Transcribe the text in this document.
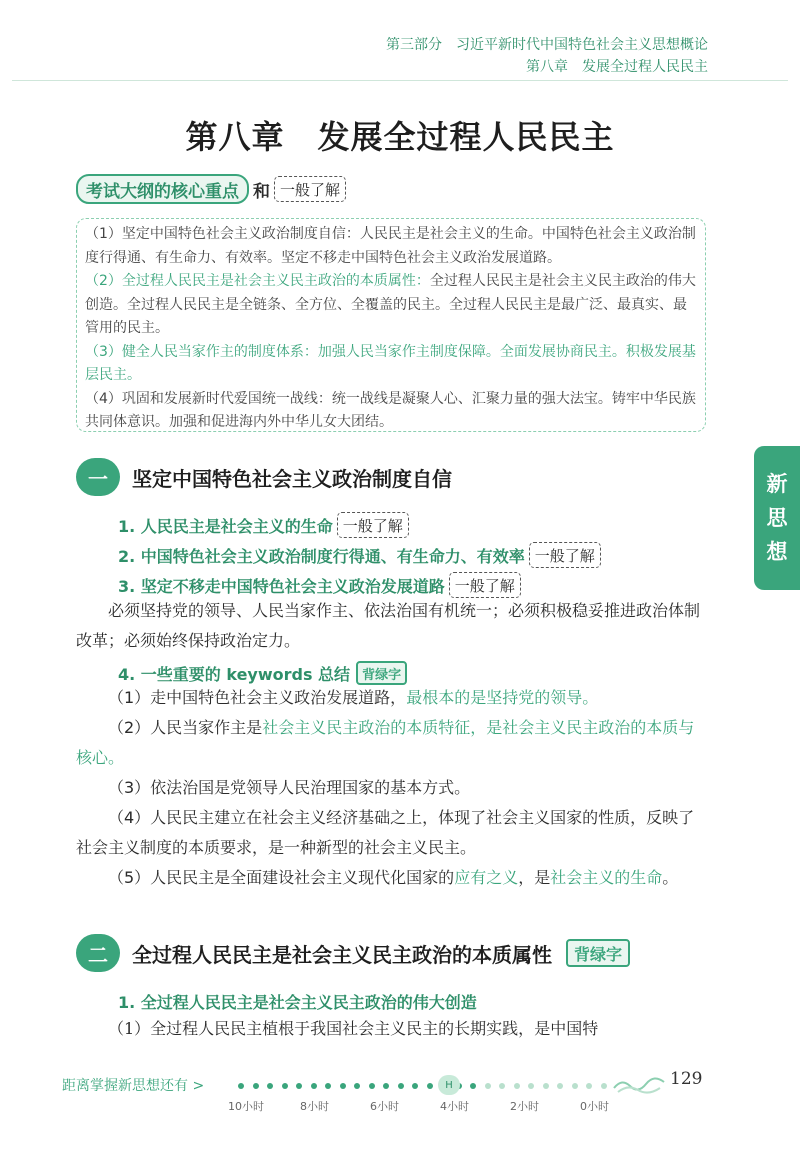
第三部分　习近平新时代中国特色社会主义思想概论
第八章　发展全过程人民民主
第八章　发展全过程人民民主
考试大纲的核心重点 和 一般了解

（1）坚定中国特色社会主义政治制度自信：人民民主是社会主义的生命。中国特色社会主义政治制度行得通、有生命力、有效率。坚定不移走中国特色社会主义政治发展道路。

（2）全过程人民民主是社会主义民主政治的本质属性：全过程人民民主是社会主义民主政治的伟大创造。全过程人民民主是全链条、全方位、全覆盖的民主。全过程人民民主是最广泛、最真实、最管用的民主。

（3）健全人民当家作主的制度体系：加强人民当家作主制度保障。全面发展协商民主。积极发展基层民主。

（4）巩固和发展新时代爱国统一战线：统一战线是凝聚人心、汇聚力量的强大法宝。铸牢中华民族共同体意识。加强和促进海内外中华儿女大团结。

新
思
想
一	坚定中国特色社会主义政治制度自信
1. 人民民主是社会主义的生命 一般了解
2. 中国特色社会主义政治制度行得通、有生命力、有效率 一般了解
3. 坚定不移走中国特色社会主义政治发展道路 一般了解

必须坚持党的领导、人民当家作主、依法治国有机统一；必须积极稳妥推进政治体制改革；必须始终保持政治定力。

4. 一些重要的 keywords 总结 背绿字

（1）走中国特色社会主义政治发展道路，最根本的是坚持党的领导。

（2）人民当家作主是社会主义民主政治的本质特征，是社会主义民主政治的本质与核心。

（3）依法治国是党领导人民治理国家的基本方式。

（4）人民民主建立在社会主义经济基础之上，体现了社会主义国家的性质，反映了社会主义制度的本质要求，是一种新型的社会主义民主。

（5）人民民主是全面建设社会主义现代化国家的应有之义，是社会主义的生命。

二	全过程人民民主是社会主义民主政治的本质属性	背绿字
1. 全过程人民民主是社会主义民主政治的伟大创造

（1）全过程人民民主植根于我国社会主义民主的长期实践，是中国特

距离掌握新思想还有 >	H
10小时	8小时	6小时	4小时	2小时	0小时
129
